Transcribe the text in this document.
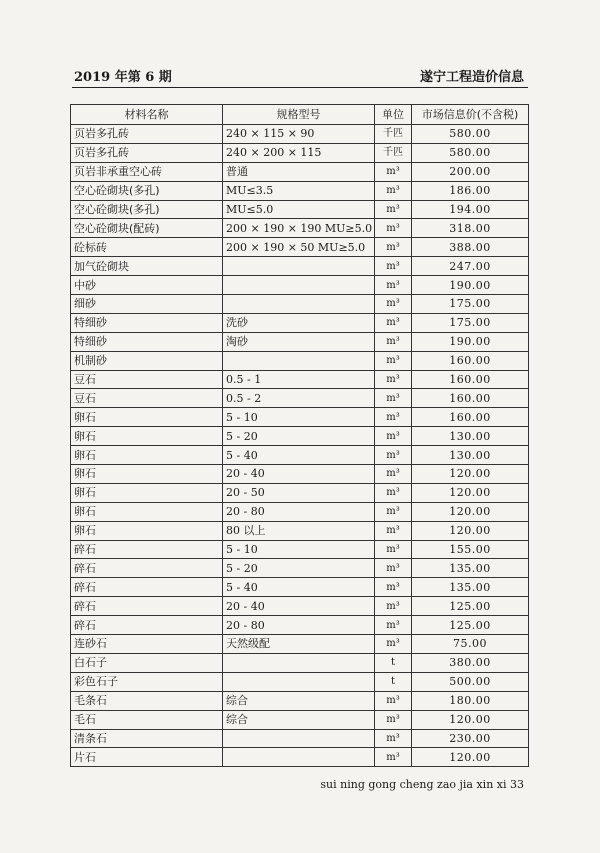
2019 年第 6 期	遂宁工程造价信息
材料名称	规格型号	单位	市场信息价(不含税)
页岩多孔砖	240 × 115 × 90	千匹	580.00
页岩多孔砖	240 × 200 × 115	千匹	580.00
页岩非承重空心砖	普通	m³	200.00
空心砼砌块(多孔)	MU≤3.5	m³	186.00
空心砼砌块(多孔)	MU≤5.0	m³	194.00
空心砼砌块(配砖)	200 × 190 × 190 MU≥5.0	m³	318.00
砼标砖	200 × 190 × 50 MU≥5.0	m³	388.00
加气砼砌块		m³	247.00
中砂		m³	190.00
细砂		m³	175.00
特细砂	洗砂	m³	175.00
特细砂	淘砂	m³	190.00
机制砂		m³	160.00
豆石	0.5 - 1	m³	160.00
豆石	0.5 - 2	m³	160.00
卵石	5 - 10	m³	160.00
卵石	5 - 20	m³	130.00
卵石	5 - 40	m³	130.00
卵石	20 - 40	m³	120.00
卵石	20 - 50	m³	120.00
卵石	20 - 80	m³	120.00
卵石	80 以上	m³	120.00
碎石	5 - 10	m³	155.00
碎石	5 - 20	m³	135.00
碎石	5 - 40	m³	135.00
碎石	20 - 40	m³	125.00
碎石	20 - 80	m³	125.00
连砂石	天然级配	m³	75.00
白石子		t	380.00
彩色石子		t	500.00
毛条石	综合	m³	180.00
毛石	综合	m³	120.00
清条石		m³	230.00
片石		m³	120.00
sui ning gong cheng zao jia xin xi 33
